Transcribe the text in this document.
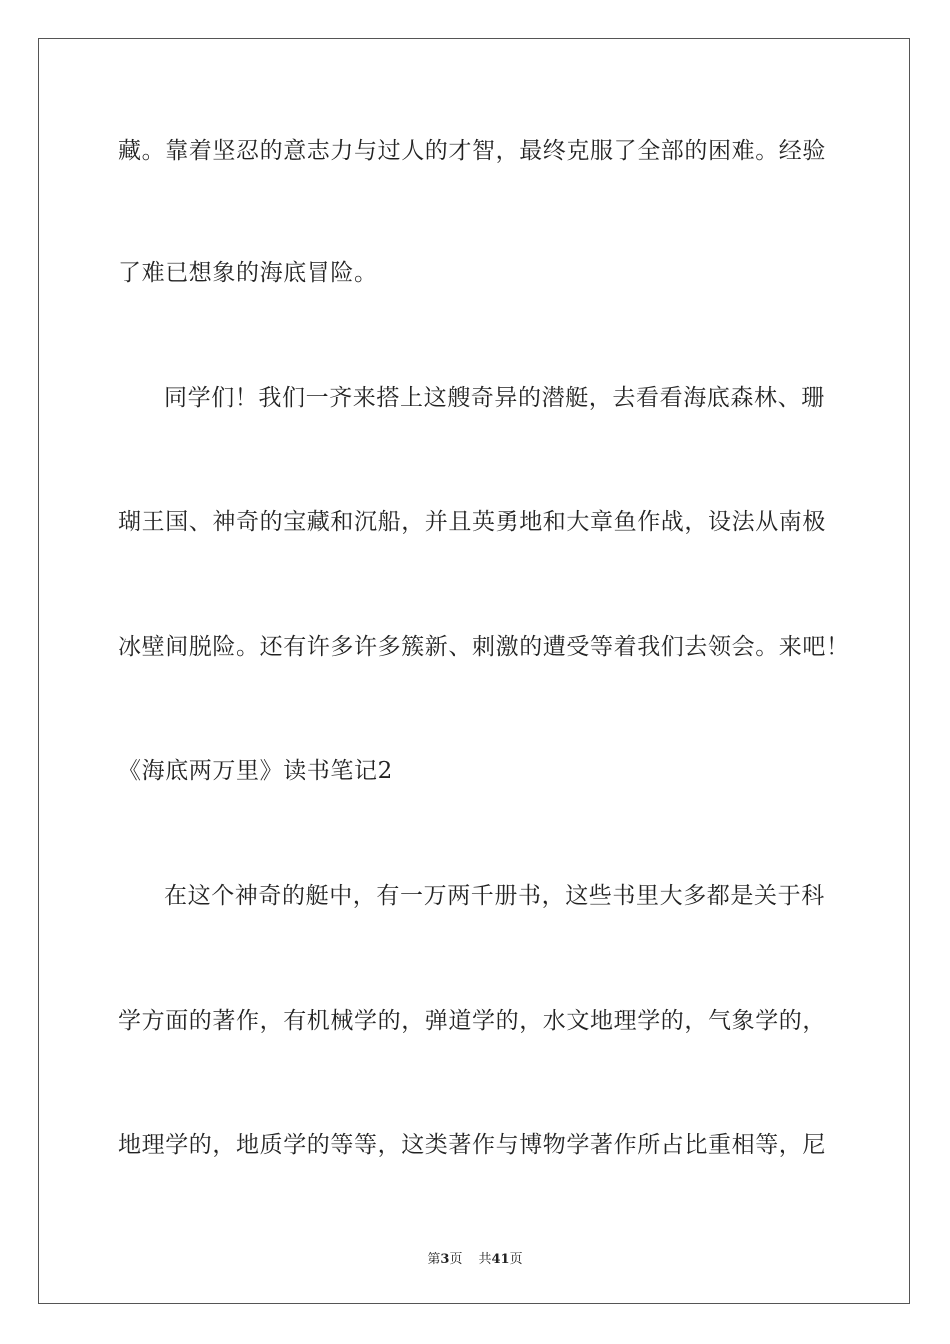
藏。靠着坚忍的意志力与过人的才智，最终克服了全部的困难。经验

了难已想象的海底冒险。

同学们！我们一齐来搭上这艘奇异的潜艇，去看看海底森林、珊

瑚王国、神奇的宝藏和沉船，并且英勇地和大章鱼作战，设法从南极

冰壁间脱险。还有许多许多簇新、刺激的遭受等着我们去领会。来吧！

《海底两万里》读书笔记2

在这个神奇的艇中，有一万两千册书，这些书里大多都是关于科

学方面的著作，有机械学的，弹道学的，水文地理学的，气象学的，

地理学的，地质学的等等，这类著作与博物学著作所占比重相等，尼

第3页 共41页
